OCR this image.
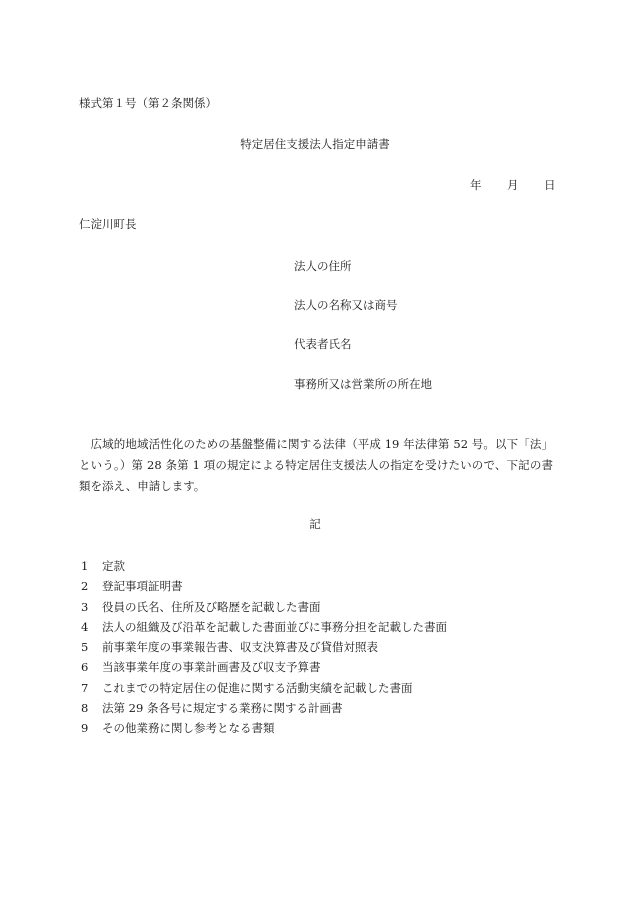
様式第１号（第２条関係）
特定居住支援法人指定申請書
年 月 日
仁淀川町長
法人の住所
法人の名称又は商号
代表者氏名
事務所又は営業所の所在地
広域的地域活性化のための基盤整備に関する法律（平成 19 年法律第 52 号。以下「法」という。）第 28 条第 1 項の規定による特定居住支援法人の指定を受けたいので、下記の書類を添え、申請します。
記
1 定款
2 登記事項証明書
3 役員の氏名、住所及び略歴を記載した書面
4 法人の組織及び沿革を記載した書面並びに事務分担を記載した書面
5 前事業年度の事業報告書、収支決算書及び貸借対照表
6 当該事業年度の事業計画書及び収支予算書
7 これまでの特定居住の促進に関する活動実績を記載した書面
8 法第 29 条各号に規定する業務に関する計画書
9 その他業務に関し参考となる書類
